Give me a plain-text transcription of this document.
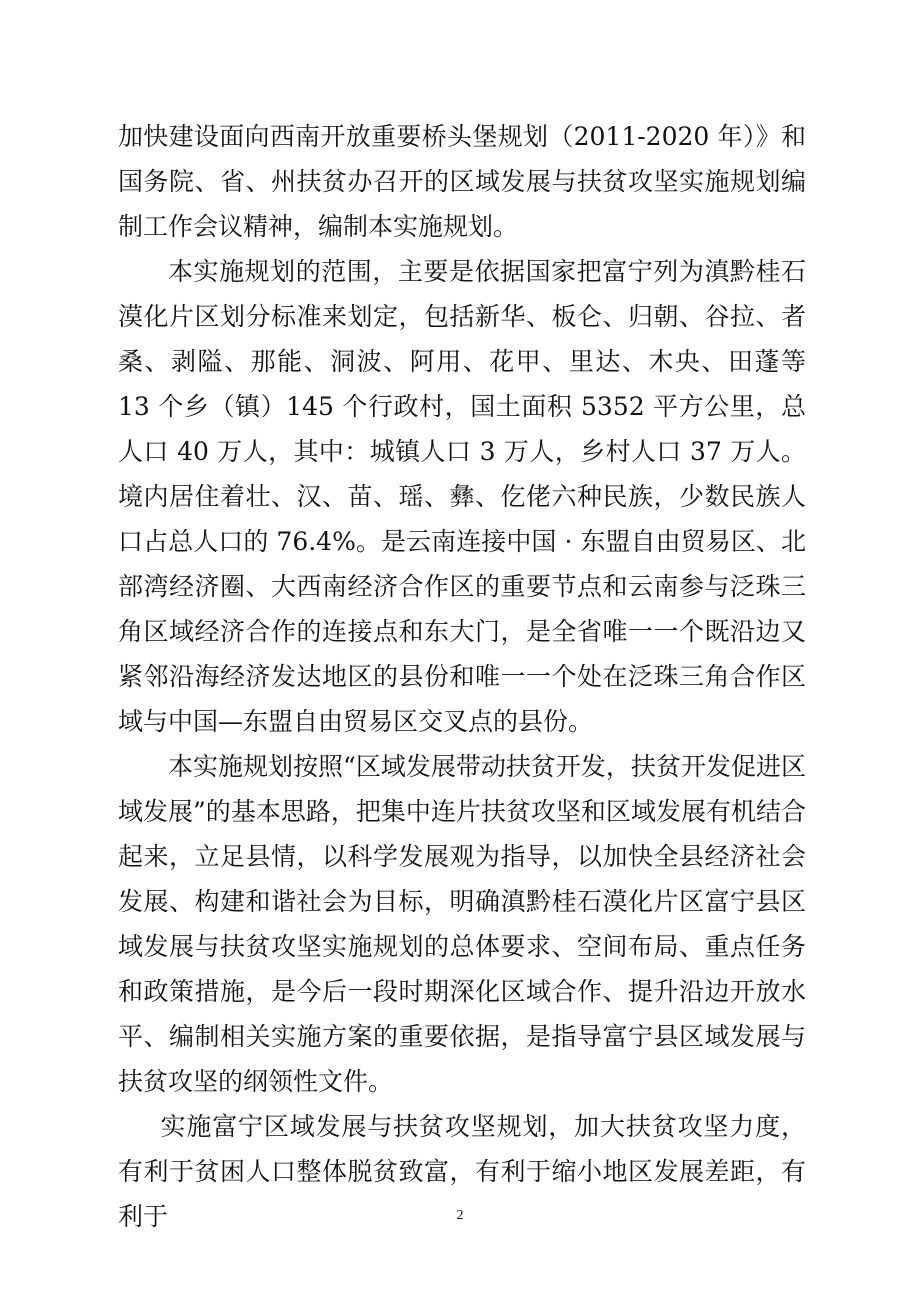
加快建设面向西南开放重要桥头堡规划（2011-2020 年）》和国务院、省、州扶贫办召开的区域发展与扶贫攻坚实施规划编制工作会议精神，编制本实施规划。

本实施规划的范围，主要是依据国家把富宁列为滇黔桂石漠化片区划分标准来划定，包括新华、板仑、归朝、谷拉、者桑、剥隘、那能、洞波、阿用、花甲、里达、木央、田蓬等 13 个乡（镇）145 个行政村，国土面积 5352 平方公里，总人口 40 万人，其中：城镇人口 3 万人，乡村人口 37 万人。境内居住着壮、汉、苗、瑶、彝、仡佬六种民族，少数民族人口占总人口的 76.4%。是云南连接中国 · 东盟自由贸易区、北部湾经济圈、大西南经济合作区的重要节点和云南参与泛珠三角区域经济合作的连接点和东大门，是全省唯一一个既沿边又紧邻沿海经济发达地区的县份和唯一一个处在泛珠三角合作区域与中国—东盟自由贸易区交叉点的县份。

本实施规划按照“区域发展带动扶贫开发，扶贫开发促进区域发展”的基本思路，把集中连片扶贫攻坚和区域发展有机结合起来，立足县情，以科学发展观为指导，以加快全县经济社会发展、构建和谐社会为目标，明确滇黔桂石漠化片区富宁县区域发展与扶贫攻坚实施规划的总体要求、空间布局、重点任务和政策措施，是今后一段时期深化区域合作、提升沿边开放水平、编制相关实施方案的重要依据，是指导富宁县区域发展与扶贫攻坚的纲领性文件。

实施富宁区域发展与扶贫攻坚规划，加大扶贫攻坚力度，有利于贫困人口整体脱贫致富，有利于缩小地区发展差距，有利于	2
